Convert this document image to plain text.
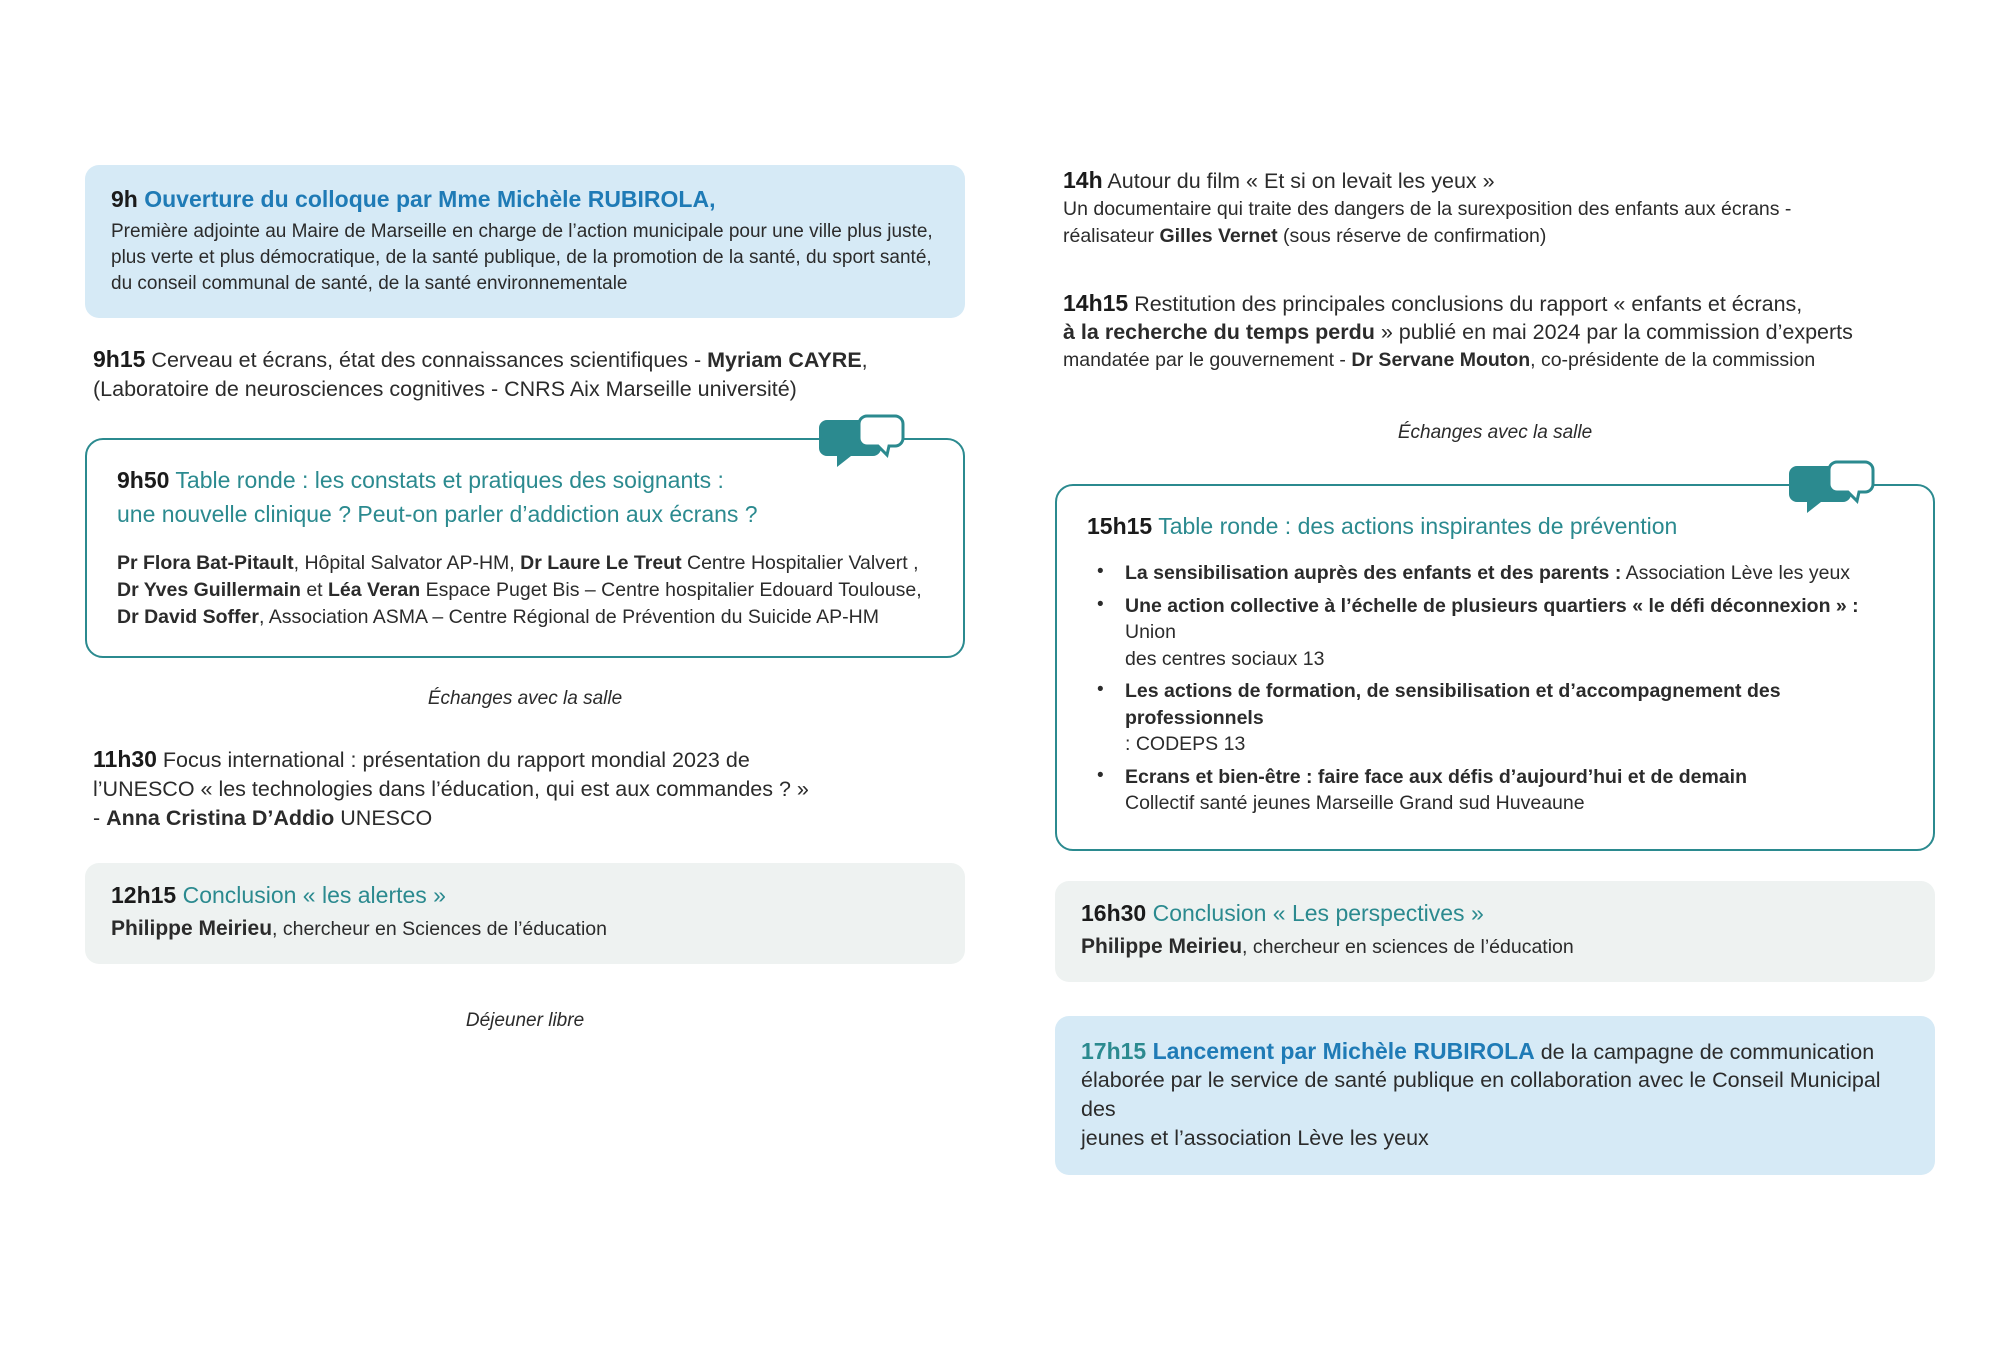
9h Ouverture du colloque par Mme Michèle RUBIROLA,
Première adjointe au Maire de Marseille en charge de l’action municipale pour une ville plus juste, plus verte et plus démocratique, de la santé publique, de la promotion de la santé, du sport santé, du conseil communal de santé, de la santé environnementale
9h15 Cerveau et écrans, état des connaissances scientifiques - Myriam CAYRE, (Laboratoire de neurosciences cognitives - CNRS Aix Marseille université)
9h50 Table ronde : les constats et pratiques des soignants :
une nouvelle clinique ? Peut-on parler d’addiction aux écrans ?
Pr Flora Bat-Pitault, Hôpital Salvator AP-HM, Dr Laure Le Treut Centre Hospitalier Valvert ,
Dr Yves Guillermain et Léa Veran Espace Puget Bis – Centre hospitalier Edouard Toulouse,
Dr David Soffer, Association ASMA – Centre Régional de Prévention du Suicide AP-HM
Échanges avec la salle
11h30 Focus international : présentation du rapport mondial 2023 de
l’UNESCO « les technologies dans l’éducation, qui est aux commandes ? »
- Anna Cristina D’Addio UNESCO
12h15 Conclusion « les alertes »
Philippe Meirieu, chercheur en Sciences de l’éducation
Déjeuner libre
14h Autour du film « Et si on levait les yeux »
Un documentaire qui traite des dangers de la surexposition des enfants aux écrans -
réalisateur Gilles Vernet (sous réserve de confirmation)
14h15 Restitution des principales conclusions du rapport « enfants et écrans,
à la recherche du temps perdu » publié en mai 2024 par la commission d’experts
mandatée par le gouvernement - Dr Servane Mouton, co-présidente de la commission
Échanges avec la salle
15h15 Table ronde : des actions inspirantes de prévention
• La sensibilisation auprès des enfants et des parents : Association Lève les yeux
• Une action collective à l’échelle de plusieurs quartiers « le défi déconnexion » : Union
des centres sociaux 13
• Les actions de formation, de sensibilisation et d’accompagnement des professionnels
: CODEPS 13
• Ecrans et bien-être : faire face aux défis d’aujourd’hui et de demain
Collectif santé jeunes Marseille Grand sud Huveaune
16h30 Conclusion « Les perspectives »
Philippe Meirieu, chercheur en sciences de l’éducation
17h15 Lancement par Michèle RUBIROLA de la campagne de communication
élaborée par le service de santé publique en collaboration avec le Conseil Municipal des
jeunes et l’association Lève les yeux
